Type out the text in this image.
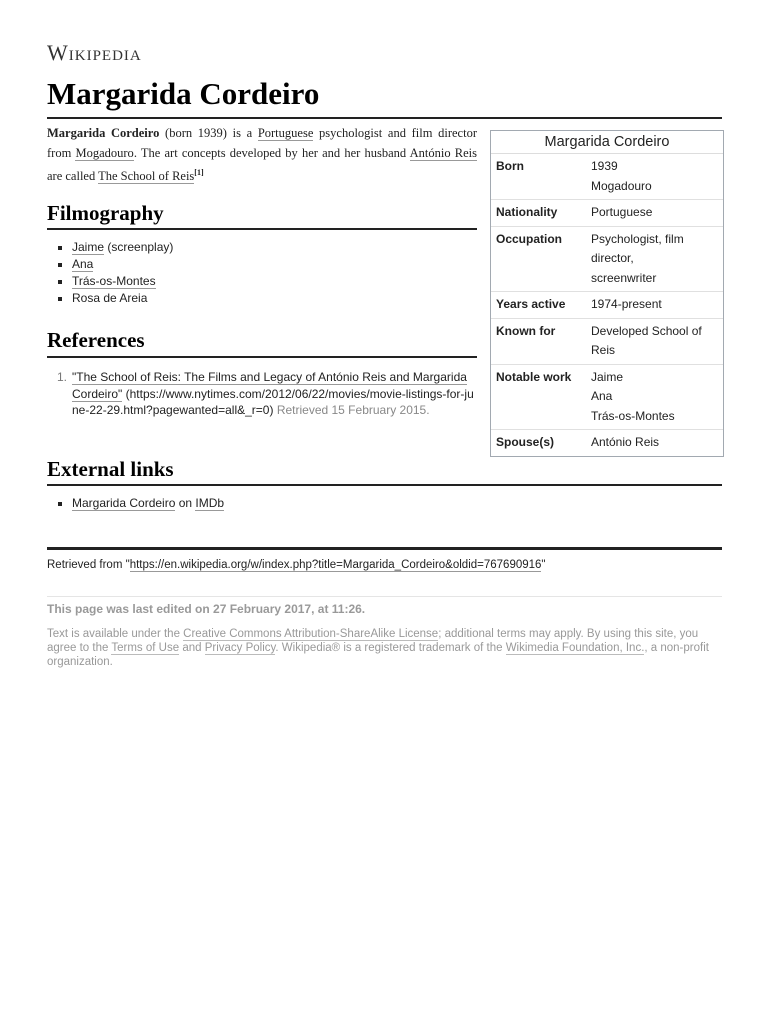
Wikipedia
Margarida Cordeiro
Margarida Cordeiro (born 1939) is a Portuguese psychologist and film director from Mogadouro. The art concepts developed by her and her husband António Reis are called The School of Reis[1]
Margarida Cordeiro
Born	1939
Mogadouro
Nationality	Portuguese
Occupation	Psychologist, film
director,
screenwriter
Years active	1974-present
Known for	Developed School of
Reis
Notable work	Jaime
Ana
Trás-os-Montes
Spouse(s)	António Reis
Filmography
Jaime (screenplay)
Ana
Trás-os-Montes
Rosa de Areia
References
1. "The School of Reis: The Films and Legacy of António Reis and Margarida Cordeiro" (https://www.nytimes.com/2012/06/22/movies/movie-listings-for-june-22-29.html?pagewanted=all&_r=0) Retrieved 15 February 2015.
External links
Margarida Cordeiro on IMDb
Retrieved from "https://en.wikipedia.org/w/index.php?title=Margarida_Cordeiro&oldid=767690916"
This page was last edited on 27 February 2017, at 11:26.
Text is available under the Creative Commons Attribution-ShareAlike License; additional terms may apply. By using this site, you agree to the Terms of Use and Privacy Policy. Wikipedia® is a registered trademark of the Wikimedia Foundation, Inc., a non-profit organization.
